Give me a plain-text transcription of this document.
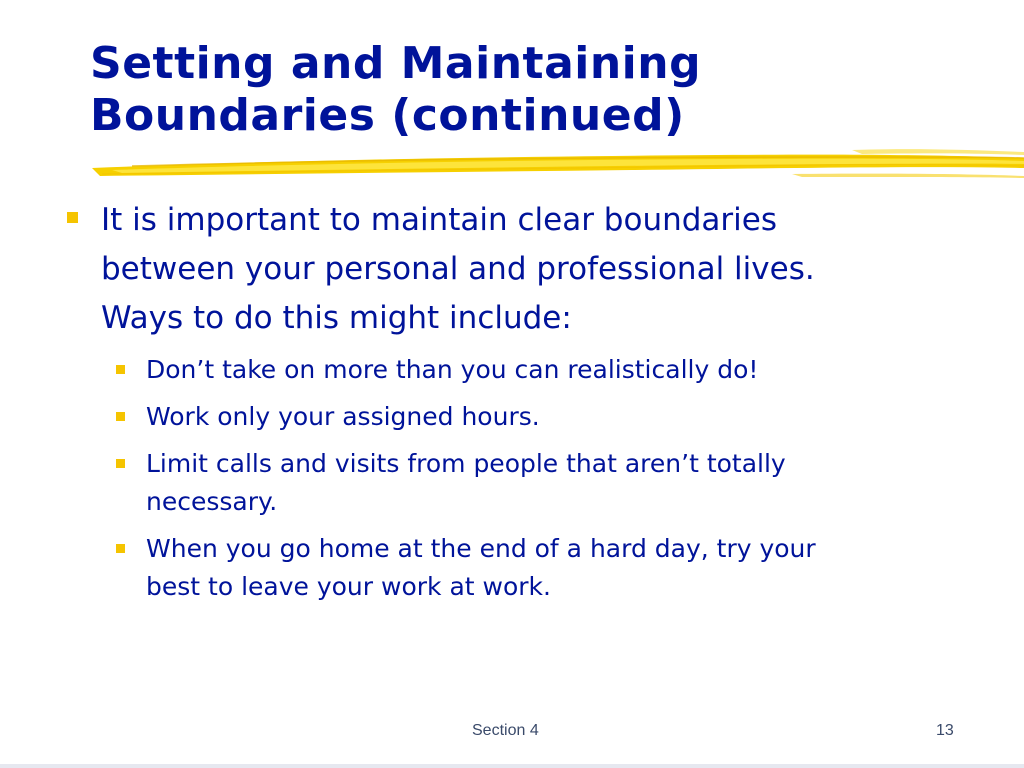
Setting and Maintaining
Boundaries (continued)
It is important to maintain clear boundaries
between your personal and professional lives.
Ways to do this might include:
Don’t take on more than you can realistically do!
Work only your assigned hours.
Limit calls and visits from people that aren’t totally
necessary.
When you go home at the end of a hard day, try your
best to leave your work at work.
Section 4	13
